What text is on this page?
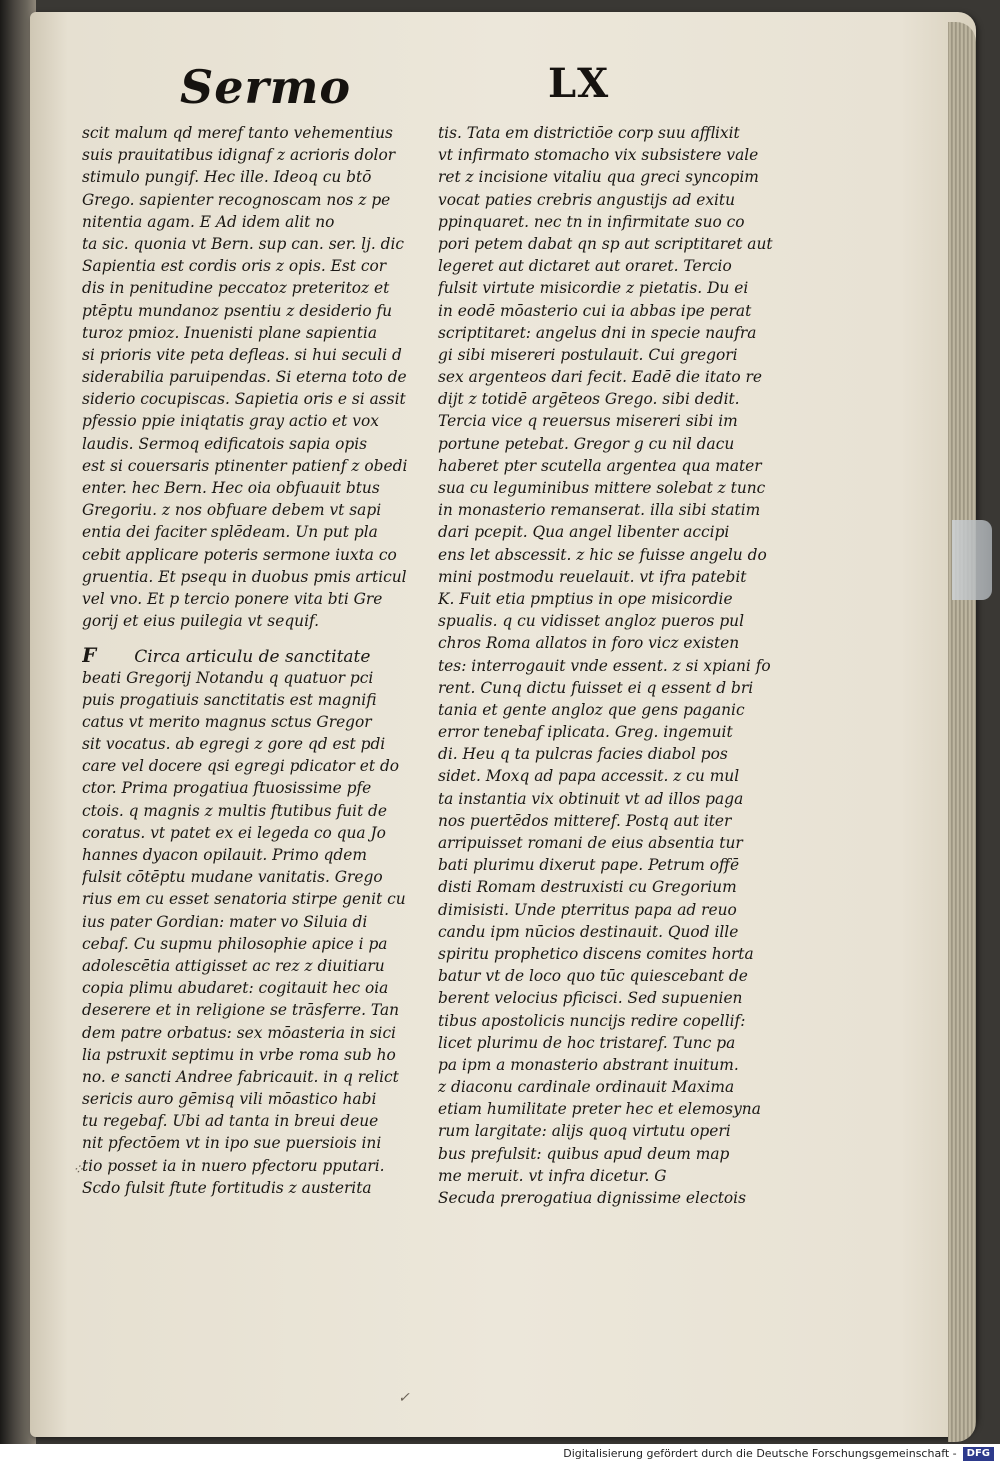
Sermo	LX
scit malum qd meref tanto vehementius
suis prauitatibus idignaf z acrioris dolor
stimulo pungif. Hec ille. Ideoq cu btō
Grego. sapienter recognoscam nos z pe
nitentia agam. E Ad idem alit no
ta sic. quonia vt Bern. sup can. ser. lj. dic
Sapientia est cordis oris z opis. Est cor
dis in penitudine peccatoz preteritoz et
ptēptu mundanoz psentiu z desiderio fu
turoz pmioz. Inuenisti plane sapientia
si prioris vite peta defleas. si hui seculi d
siderabilia paruipendas. Si eterna toto de
siderio cocupiscas. Sapietia oris e si assit
pfessio ppie iniqtatis gray actio et vox
laudis. Sermoq edificatois sapia opis
est si couersaris ptinenter patienf z obedi
enter. hec Bern. Hec oia obfuauit btus
Gregoriu. z nos obfuare debem vt sapi
entia dei faciter splēdeam. Un put pla
cebit applicare poteris sermone iuxta co
gruentia. Et psequ in duobus pmis articul
vel vno. Et p tercio ponere vita bti Gre
gorij et eius puilegia vt sequif.
F Circa articulu de sanctitate
beati Gregorij Notandu q quatuor pci
puis progatiuis sanctitatis est magnifi
catus vt merito magnus sctus Gregor
sit vocatus. ab egregi z gore qd est pdi
care vel docere qsi egregi pdicator et do
ctor. Prima progatiua ftuosissime pfe
ctois. q magnis z multis ftutibus fuit de
coratus. vt patet ex ei legeda co qua Jo
hannes dyacon opilauit. Primo qdem
fulsit cōtēptu mudane vanitatis. Grego
rius em cu esset senatoria stirpe genit cu
ius pater Gordian: mater vo Siluia di
cebaf. Cu supmu philosophie apice i pa
adolescētia attigisset ac rez z diuitiaru
copia plimu abudaret: cogitauit hec oia
deserere et in religione se trāsferre. Tan
dem patre orbatus: sex mōasteria in sici
lia pstruxit septimu in vrbe roma sub ho
no. e sancti Andree fabricauit. in q relict
sericis auro gēmisq vili mōastico habi
tu regebaf. Ubi ad tanta in breui deue
nit pfectōem vt in ipo sue puersiois ini
tio posset ia in nuero pfectoru pputari.
Scdo fulsit ftute fortitudis z austerita
tis. Tata em districtiōe corp suu afflixit
vt infirmato stomacho vix subsistere vale
ret z incisione vitaliu qua greci syncopim
vocat paties crebris angustijs ad exitu
ppinquaret. nec tn in infirmitate suo co
pori petem dabat qn sp aut scriptitaret aut
legeret aut dictaret aut oraret. Tercio
fulsit virtute misicordie z pietatis. Du ei
in eodē mōasterio cui ia abbas ipe perat
scriptitaret: angelus dni in specie naufra
gi sibi misereri postulauit. Cui gregori
sex argenteos dari fecit. Eadē die itato re
dijt z totidē argēteos Grego. sibi dedit.
Tercia vice q reuersus misereri sibi im
portune petebat. Gregor g cu nil dacu
haberet pter scutella argentea qua mater
sua cu leguminibus mittere solebat z tunc
in monasterio remanserat. illa sibi statim
dari pcepit. Qua angel libenter accipi
ens let abscessit. z hic se fuisse angelu do
mini postmodu reuelauit. vt ifra patebit
K. Fuit etia pmptius in ope misicordie
spualis. q cu vidisset angloz pueros pul
chros Roma allatos in foro vicz existen
tes: interrogauit vnde essent. z si xpiani fo
rent. Cunq dictu fuisset ei q essent d bri
tania et gente angloz que gens paganic
error tenebaf iplicata. Greg. ingemuit
di. Heu q ta pulcras facies diabol pos
sidet. Moxq ad papa accessit. z cu mul
ta instantia vix obtinuit vt ad illos paga
nos puertēdos mitteref. Postq aut iter
arripuisset romani de eius absentia tur
bati plurimu dixerut pape. Petrum offē
disti Romam destruxisti cu Gregorium
dimisisti. Unde pterritus papa ad reuo
candu ipm nūcios destinauit. Quod ille
spiritu prophetico discens comites horta
batur vt de loco quo tūc quiescebant de
berent velocius pficisci. Sed supuenien
tibus apostolicis nuncijs redire copellif:
licet plurimu de hoc tristaref. Tunc pa
pa ipm a monasterio abstrant inuitum.
z diaconu cardinale ordinauit Maxima
etiam humilitate preter hec et elemosyna
rum largitate: alijs quoq virtutu operi
bus prefulsit: quibus apud deum map
me meruit. vt infra dicetur. G
Secuda prerogatiua dignissime electois
⁘
✓
Digitalisierung gefördert durch die Deutsche Forschungsgemeinschaft - DFG
